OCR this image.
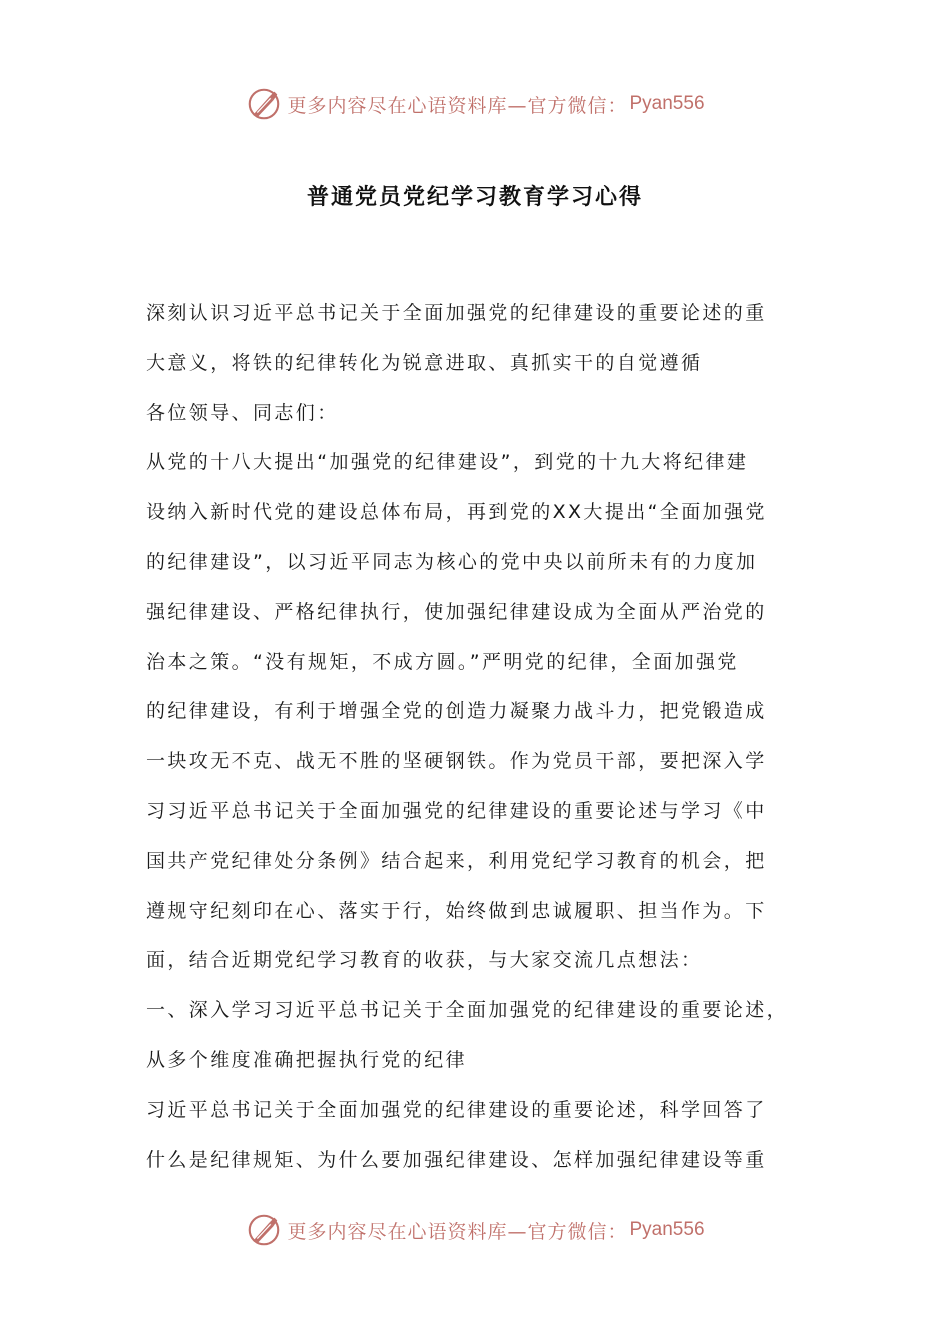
更多内容尽在心语资料库—官方微信： Pyan556
普通党员党纪学习教育学习心得
深刻认识习近平总书记关于全面加强党的纪律建设的重要论述的重
大意义，将铁的纪律转化为锐意进取、真抓实干的自觉遵循
各位领导、同志们：
从党的十八大提出“加强党的纪律建设”，到党的十九大将纪律建
设纳入新时代党的建设总体布局，再到党的XX大提出“全面加强党
的纪律建设”，以习近平同志为核心的党中央以前所未有的力度加
强纪律建设、严格纪律执行，使加强纪律建设成为全面从严治党的
治本之策。“没有规矩，不成方圆。”严明党的纪律，全面加强党
的纪律建设，有利于增强全党的创造力凝聚力战斗力，把党锻造成
一块攻无不克、战无不胜的坚硬钢铁。作为党员干部，要把深入学
习习近平总书记关于全面加强党的纪律建设的重要论述与学习《中
国共产党纪律处分条例》结合起来，利用党纪学习教育的机会，把
遵规守纪刻印在心、落实于行，始终做到忠诚履职、担当作为。下
面，结合近期党纪学习教育的收获，与大家交流几点想法：
一、深入学习习近平总书记关于全面加强党的纪律建设的重要论述，
从多个维度准确把握执行党的纪律
习近平总书记关于全面加强党的纪律建设的重要论述，科学回答了
什么是纪律规矩、为什么要加强纪律建设、怎样加强纪律建设等重
更多内容尽在心语资料库—官方微信： Pyan556
